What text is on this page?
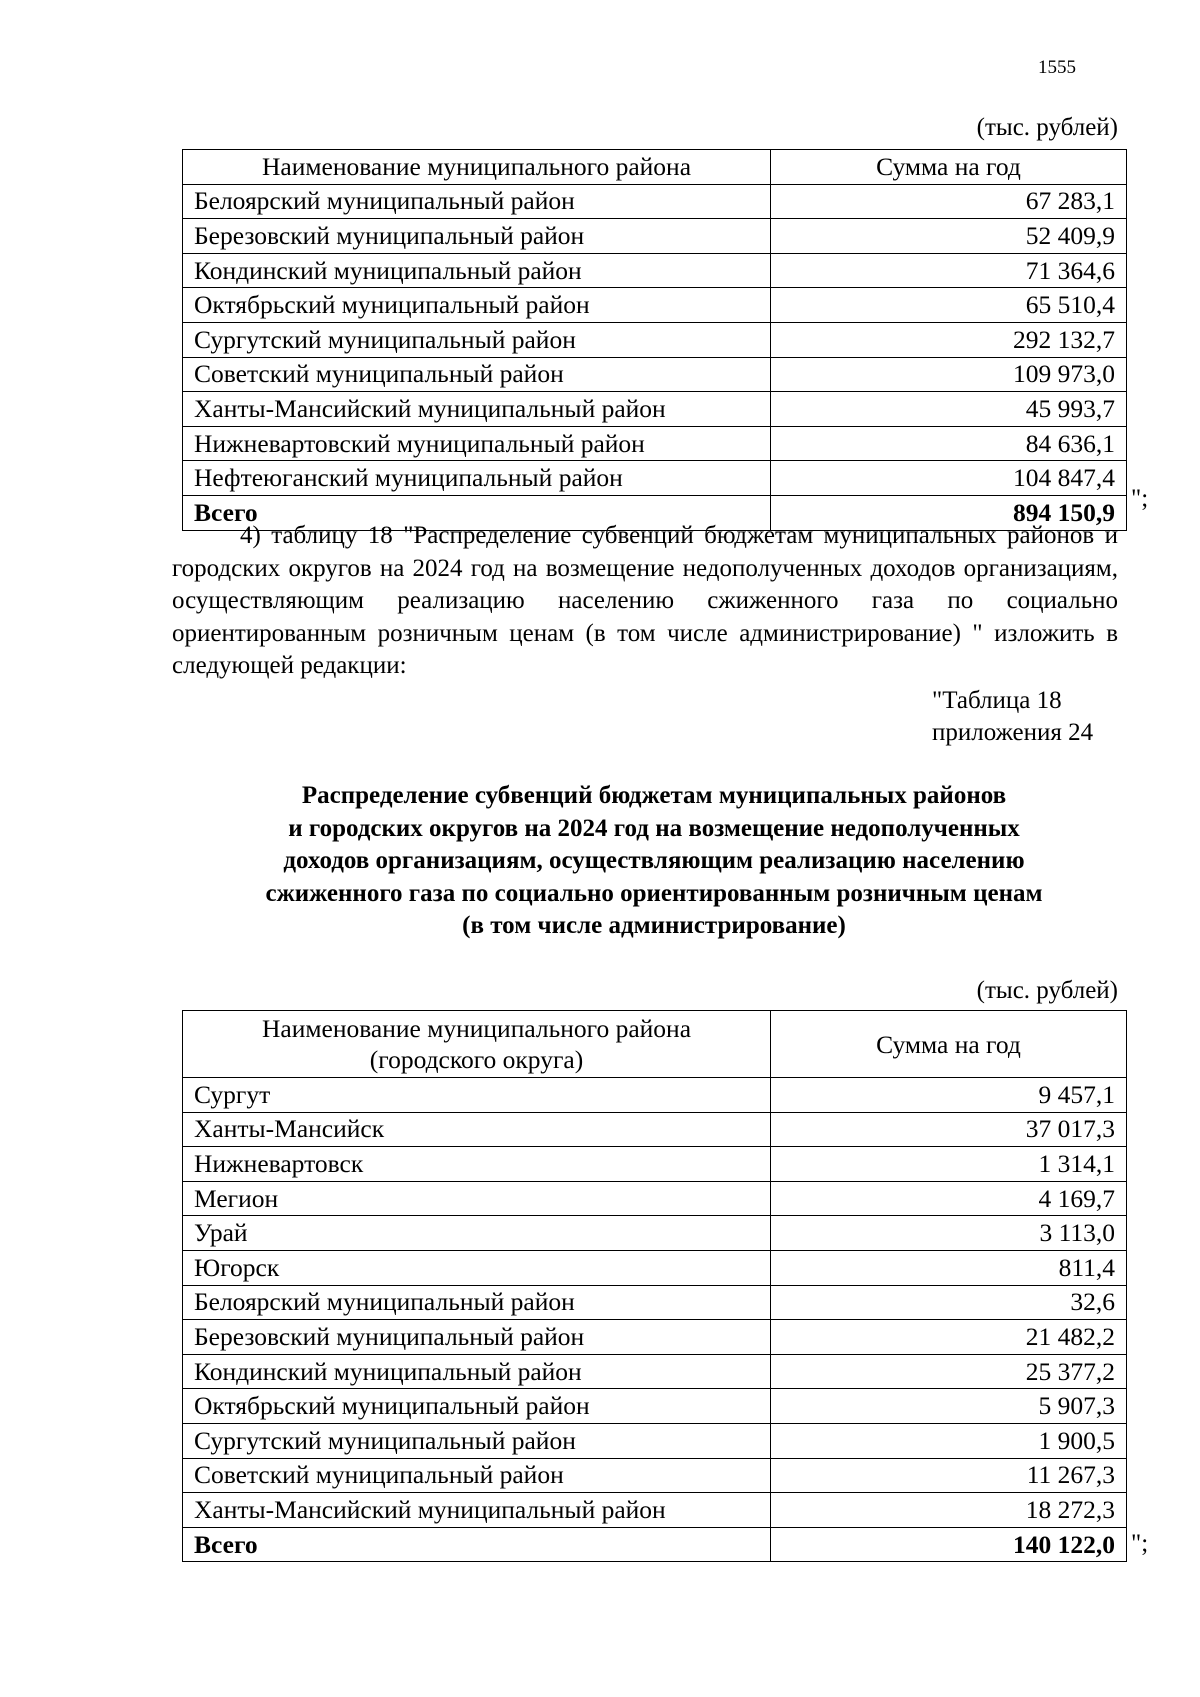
1555
(тыс. рублей)
Наименование муниципального района	Сумма на год
Белоярский муниципальный район	67 283,1
Березовский муниципальный район	52 409,9
Кондинский муниципальный район	71 364,6
Октябрьский муниципальный район	65 510,4
Сургутский муниципальный район	292 132,7
Советский муниципальный район	109 973,0
Ханты-Мансийский муниципальный район	45 993,7
Нижневартовский муниципальный район	84 636,1
Нефтеюганский муниципальный район	104 847,4
Всего	894 150,9 ";

4) таблицу 18 "Распределение субвенций бюджетам муниципальных районов и городских округов на 2024 год на возмещение недополученных доходов организациям, осуществляющим реализацию населению сжиженного газа по социально ориентированным розничным ценам (в том числе администрирование) " изложить в следующей редакции:

"Таблица 18
приложения 24
Распределение субвенций бюджетам муниципальных районов
и городских округов на 2024 год на возмещение недополученных
доходов организациям, осуществляющим реализацию населению
сжиженного газа по социально ориентированным розничным ценам
(в том числе администрирование)
(тыс. рублей)
Наименование муниципального района
(городского округа)	Сумма на год
Сургут	9 457,1
Ханты-Мансийск	37 017,3
Нижневартовск	1 314,1
Мегион	4 169,7
Урай	3 113,0
Югорск	811,4
Белоярский муниципальный район	32,6
Березовский муниципальный район	21 482,2
Кондинский муниципальный район	25 377,2
Октябрьский муниципальный район	5 907,3
Сургутский муниципальный район	1 900,5
Советский муниципальный район	11 267,3
Ханты-Мансийский муниципальный район	18 272,3
Всего	140 122,0 ";
